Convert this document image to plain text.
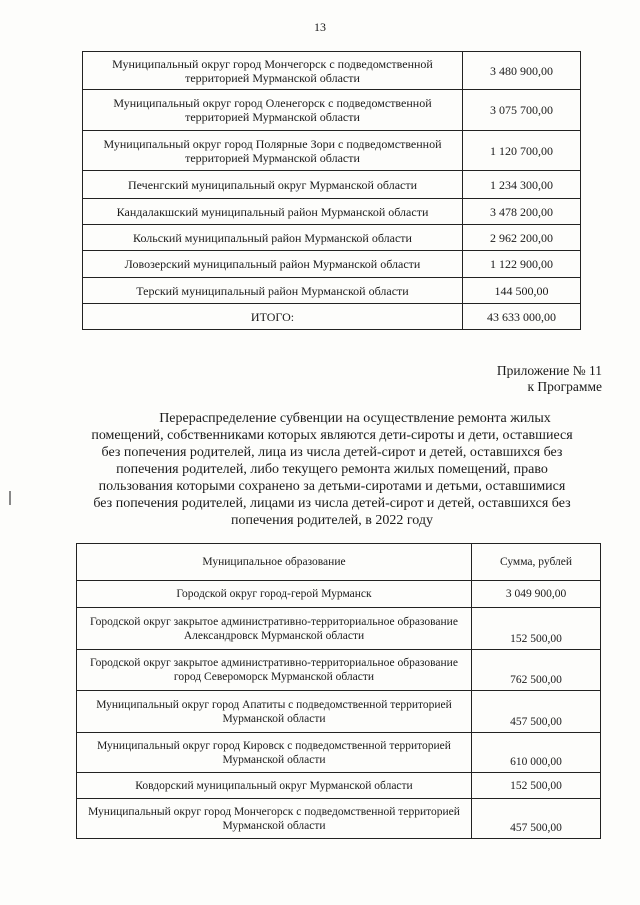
13
Муниципальный округ город Мончегорск с подведомственной территорией Мурманской области	3 480 900,00
Муниципальный округ город Оленегорск с подведомственной территорией Мурманской области	3 075 700,00
Муниципальный округ город Полярные Зори с подведомственной территорией Мурманской области	1 120 700,00
Печенгский муниципальный округ Мурманской области	1 234 300,00
Кандалакшский муниципальный район Мурманской области	3 478 200,00
Кольский муниципальный район Мурманской области	2 962 200,00
Ловозерский муниципальный район Мурманской области	1 122 900,00
Терский муниципальный район Мурманской области	144 500,00
ИТОГО:	43 633 000,00
Приложение № 11
к Программе

Перераспределение субвенции на осуществление ремонта жилых

помещений, собственниками которых являются дети-сироты и дети, оставшиеся

без попечения родителей, лица из числа детей-сирот и детей, оставшихся без

попечения родителей, либо текущего ремонта жилых помещений, право

пользования которыми сохранено за детьми-сиротами и детьми, оставшимися

без попечения родителей, лицами из числа детей-сирот и детей, оставшихся без

попечения родителей, в 2022 году

Муниципальное образование	Сумма, рублей
Городской округ город-герой Мурманск	3 049 900,00
Городской округ закрытое административно-территориальное образование Александровск Мурманской области	152 500,00
Городской округ закрытое административно-территориальное образование город Североморск Мурманской области	762 500,00
Муниципальный округ город Апатиты с подведомственной территорией Мурманской области	457 500,00
Муниципальный округ город Кировск с подведомственной территорией Мурманской области	610 000,00
Ковдорский муниципальный округ Мурманской области	152 500,00
Муниципальный округ город Мончегорск с подведомственной территорией Мурманской области	457 500,00
